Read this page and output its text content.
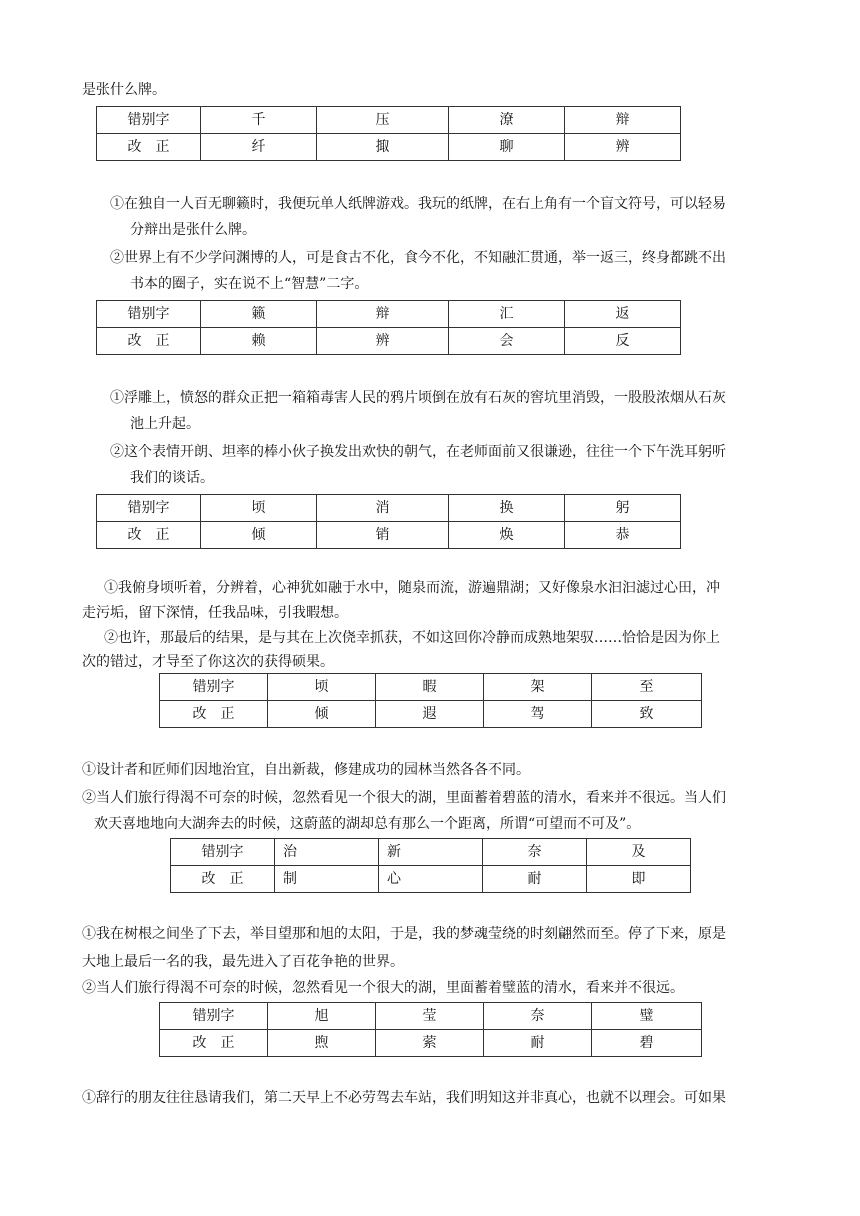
是张什么牌。
错别字	千	压	潦	辩
改　正	纤	掫	聊	辨
①在独自一人百无聊籁时，我便玩单人纸牌游戏。我玩的纸牌，在右上角有一个盲文符号，可以轻易
分辩出是张什么牌。
②世界上有不少学问渊博的人，可是食古不化，食今不化，不知融汇贯通，举一返三，终身都跳不出
书本的圈子，实在说不上“智慧”二字。
错别字	籁	辩	汇	返
改　正	赖	辨	会	反
①浮雕上，愤怒的群众正把一箱箱毒害人民的鸦片顷倒在放有石灰的窖坑里消毁，一股股浓烟从石灰
池上升起。
②这个表情开朗、坦率的棒小伙子换发出欢快的朝气，在老师面前又很谦逊，往往一个下午洗耳躬听
我们的谈话。
错别字	顷	消	换	躬
改　正	倾	销	焕	恭
①我俯身顷听着，分辨着，心神犹如融于水中，随泉而流，游遍鼎湖；又好像泉水汩汩滤过心田，冲
走污垢，留下深情，任我品味，引我暇想。
②也许，那最后的结果，是与其在上次侥幸抓获，不如这回你冷静而成熟地架驭……恰恰是因为你上
次的错过，才导至了你这次的获得硕果。
错别字	顷	暇	架	至
改　正	倾	遐	驾	致
①设计者和匠师们因地治宜，自出新裁，修建成功的园林当然各各不同。
②当人们旅行得渴不可奈的时候，忽然看见一个很大的湖，里面蓄着碧蓝的清水，看来并不很远。当人们
欢天喜地地向大湖奔去的时候，这蔚蓝的湖却总有那么一个距离，所谓“可望而不可及”。
错别字	治	新	奈	及
改　正	制	心	耐	即
①我在树根之间坐了下去，举目望那和旭的太阳，于是，我的梦魂莹绕的时刻翩然而至。停了下来，原是
大地上最后一名的我，最先进入了百花争艳的世界。
②当人们旅行得渴不可奈的时候，忽然看见一个很大的湖，里面蓄着璧蓝的清水，看来并不很远。
错别字	旭	莹	奈	璧
改　正	煦	萦	耐	碧
①辞行的朋友往往恳请我们，第二天早上不必劳驾去车站，我们明知这并非真心，也就不以理会。可如果
